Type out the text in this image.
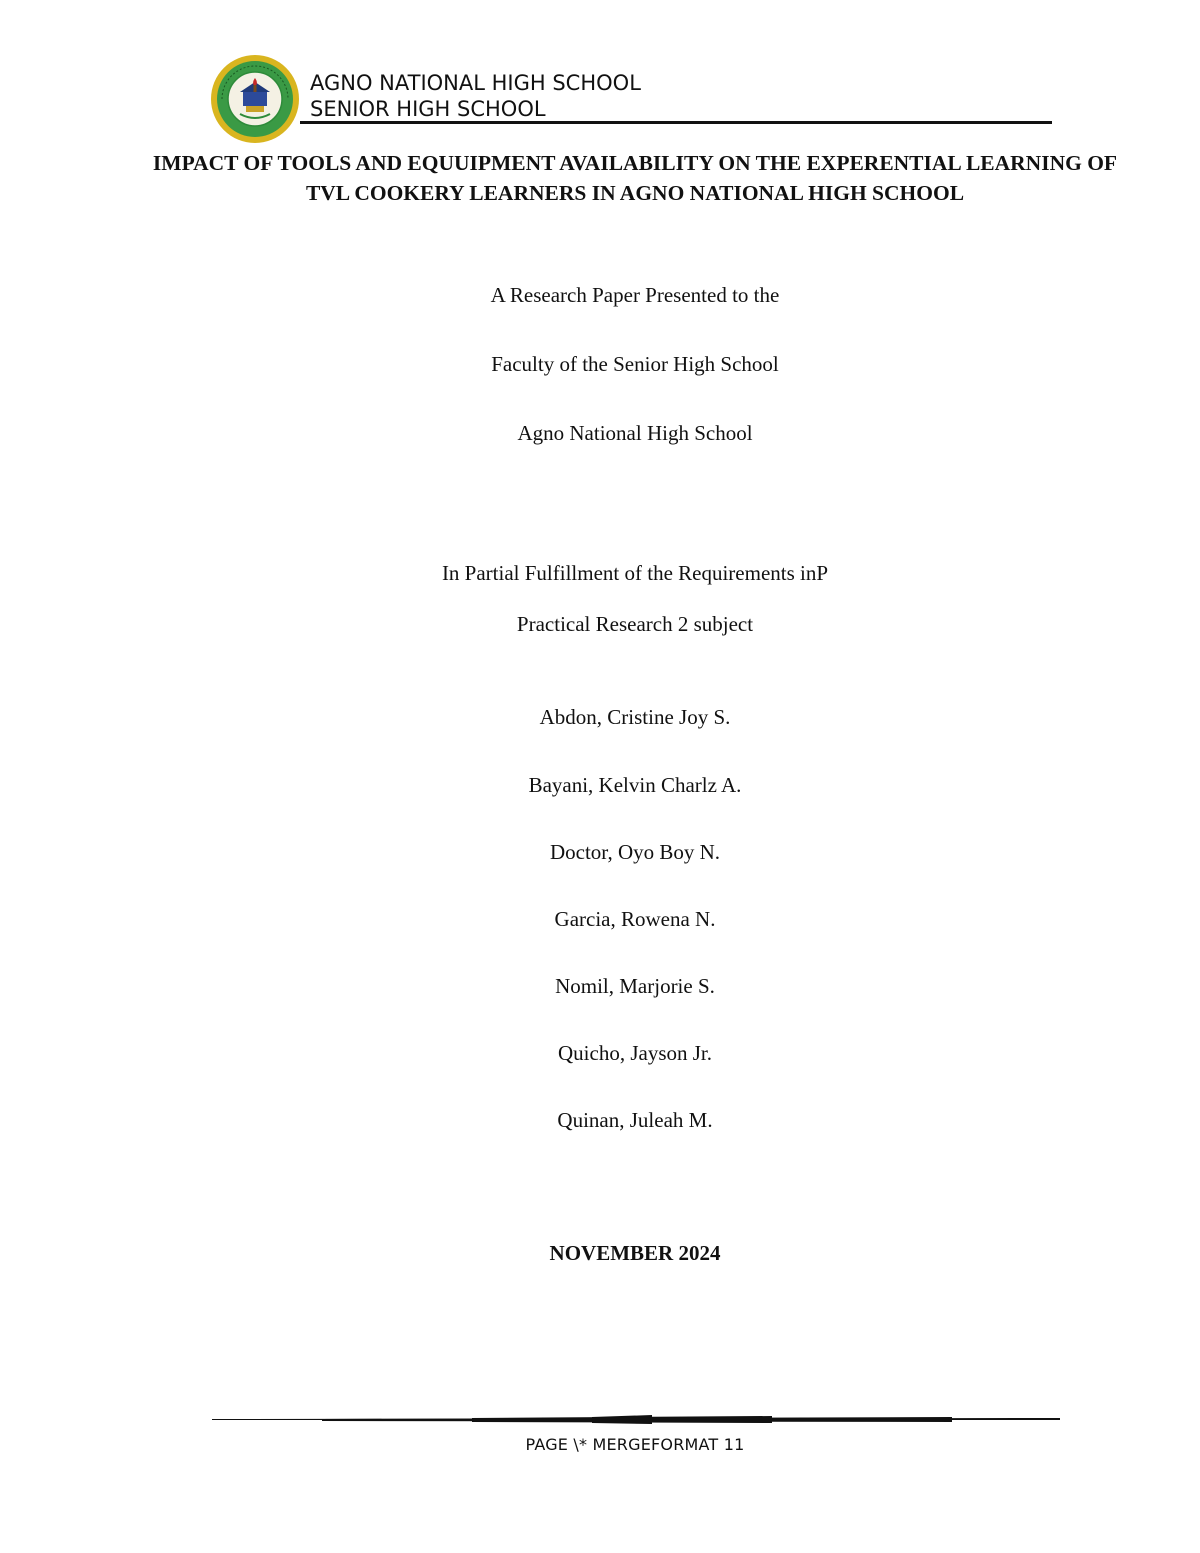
AGNO NATIONAL HIGH SCHOOL
SENIOR HIGH SCHOOL
IMPACT OF TOOLS AND EQUUIPMENT AVAILABILITY ON THE EXPERENTIAL LEARNING OF TVL COOKERY LEARNERS IN AGNO NATIONAL HIGH SCHOOL
A Research Paper Presented to the
Faculty of the Senior High School
Agno National High School
In Partial Fulfillment of the Requirements inP
Practical Research 2 subject
Abdon, Cristine Joy S.
Bayani, Kelvin Charlz A.
Doctor, Oyo Boy N.
Garcia, Rowena N.
Nomil, Marjorie S.
Quicho, Jayson Jr.
Quinan, Juleah M.
NOVEMBER 2024
PAGE \* MERGEFORMAT 11
